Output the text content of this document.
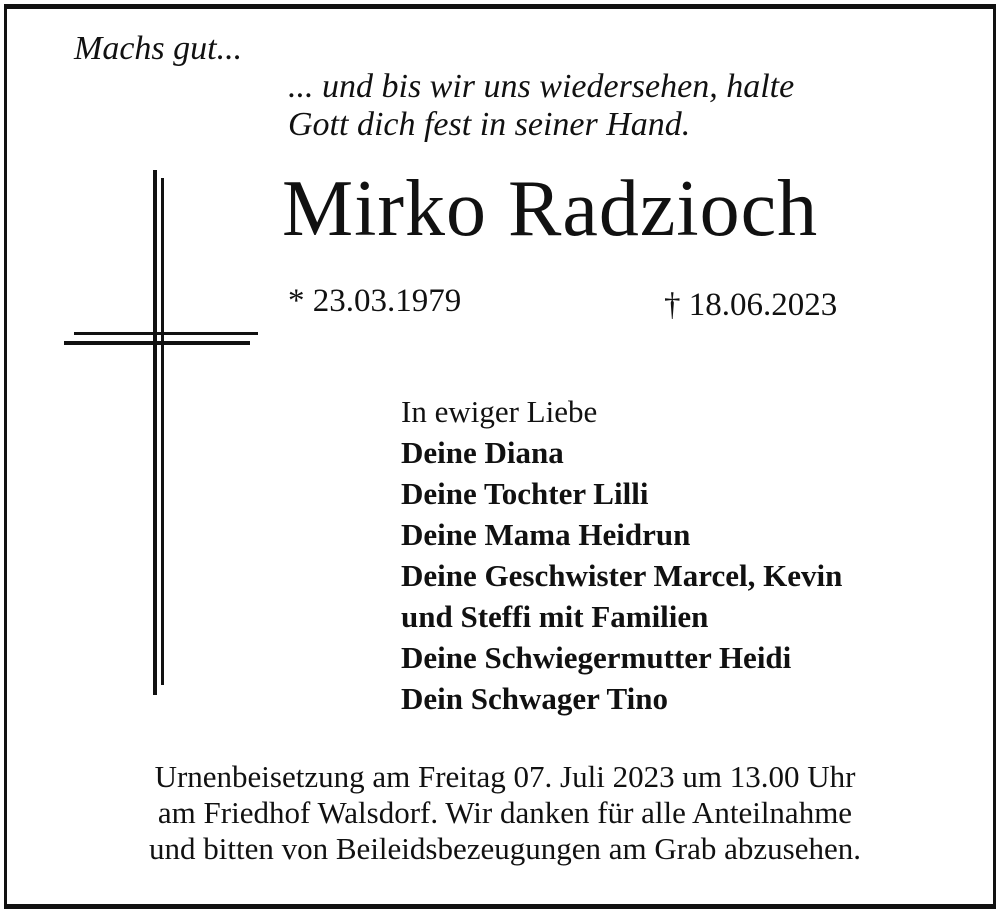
Machs gut...
... und bis wir uns wiedersehen, halte
Gott dich fest in seiner Hand.
Mirko Radzioch
* 23.03.1979	† 18.06.2023
In ewiger Liebe
Deine Diana
Deine Tochter Lilli
Deine Mama Heidrun
Deine Geschwister Marcel, Kevin
und Steffi mit Familien
Deine Schwiegermutter Heidi
Dein Schwager Tino
Urnenbeisetzung am Freitag 07. Juli 2023 um 13.00 Uhr
am Friedhof Walsdorf. Wir danken für alle Anteilnahme
und bitten von Beileidsbezeugungen am Grab abzusehen.
